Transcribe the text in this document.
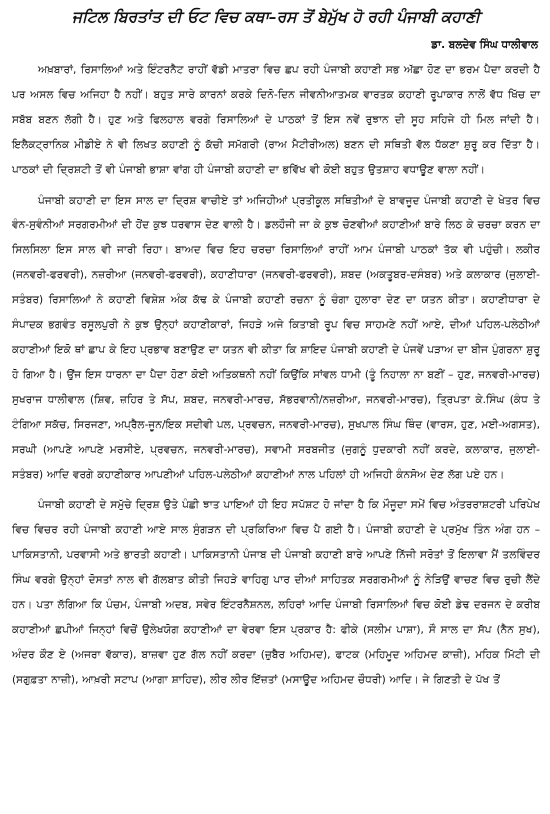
ਜਟਿਲ ਬਿਰਤਾਂਤ ਦੀ ਓਟ ਵਿਚ ਕਥਾ–ਰਸ ਤੋਂ ਬੇਮੁੱਖ ਹੋ ਰਹੀ ਪੰਜਾਬੀ ਕਹਾਣੀ
ਡਾ. ਬਲਦੇਵ ਸਿੰਘ ਧਾਲੀਵਾਲ

ਅਖ਼ਬਾਰਾਂ, ਰਿਸਾਲਿਆਂ ਅਤੇ ਇੰਟਰਨੈਟ ਰਾਹੀਂ ਵੱਡੀ ਮਾਤਰਾ ਵਿਚ ਛਪ ਰਹੀ ਪੰਜਾਬੀ ਕਹਾਣੀ ਸਭ ਅੱਛਾ ਹੋਣ ਦਾ ਭਰਮ ਪੈਦਾ ਕਰਦੀ ਹੈ ਪਰ ਅਸਲ ਵਿਚ ਅਜਿਹਾ ਹੈ ਨਹੀਂ। ਬਹੁਤ ਸਾਰੇ ਕਾਰਨਾਂ ਕਰਕੇ ਦਿਨੋ-ਦਿਨ ਜੀਵਨੀਆਤਮਕ ਵਾਰਤਕ ਕਹਾਣੀ ਰੂਪਾਕਾਰ ਨਾਲੋਂ ਵੱਧ ਖਿੱਚ ਦਾ ਸਬੱਬ ਬਣਨ ਲੱਗੀ ਹੈ। ਹੁਣ ਅਤੇ ਫਿਲਹਾਲ ਵਰਗੇ ਰਿਸਾਲਿਆਂ ਦੇ ਪਾਠਕਾਂ ਤੋਂ ਇਸ ਨਵੇਂ ਰੁਝਾਨ ਦੀ ਸੂਹ ਸਹਿਜੇ ਹੀ ਮਿਲ ਜਾਂਦੀ ਹੈ। ਇਲੈਕਟ੍ਰਾਨਿਕ ਮੀਡੀਏ ਨੇ ਵੀ ਲਿਖਤ ਕਹਾਣੀ ਨੂੰ ਕੱਚੀ ਸਮੱਗਰੀ (ਰਾਅ ਮੈਟੀਰੀਅਲ) ਬਣਨ ਦੀ ਸਥਿਤੀ ਵੱਲ ਧੱਕਣਾ ਸ਼ੁਰੂ ਕਰ ਦਿੱਤਾ ਹੈ। ਪਾਠਕਾਂ ਦੀ ਦ੍ਰਿਸ਼ਟੀ ਤੋਂ ਵੀ ਪੰਜਾਬੀ ਭਾਸ਼ਾ ਵਾਂਗ ਹੀ ਪੰਜਾਬੀ ਕਹਾਣੀ ਦਾ ਭਵਿੱਖ ਵੀ ਕੋਈ ਬਹੁਤ ਉਤਸ਼ਾਹ ਵਧਾਊਣ ਵਾਲਾ ਨਹੀਂ।

ਪੰਜਾਬੀ ਕਹਾਣੀ ਦਾ ਇਸ ਸਾਲ ਦਾ ਦ੍ਰਿਸ਼ ਵਾਚੀਏ ਤਾਂ ਅਜਿਹੀਆਂ ਪ੍ਰਤੀਕੂਲ ਸਥਿਤੀਆਂ ਦੇ ਬਾਵਜੂਦ ਪੰਜਾਬੀ ਕਹਾਣੀ ਦੇ ਖੇਤਰ ਵਿਚ ਵੰਨ-ਸੁਵੰਨੀਆਂ ਸਰਗਰਮੀਆਂ ਦੀ ਹੋਂਦ ਕੁਝ ਧਰਵਾਸ ਦੇਣ ਵਾਲੀ ਹੈ। ਡਲਹੌਜੀ ਜਾ ਕੇ ਕੁਝ ਚੋਣਵੀਆਂ ਕਹਾਣੀਆਂ ਬਾਰੇ ਲਿਠ ਕੇ ਚਰਚਾ ਕਰਨ ਦਾ ਸਿਲਸਿਲਾ ਇਸ ਸਾਲ ਵੀ ਜਾਰੀ ਰਿਹਾ। ਬਾਅਦ ਵਿਚ ਇਹ ਚਰਚਾ ਰਿਸਾਲਿਆਂ ਰਾਹੀਂ ਆਮ ਪੰਜਾਬੀ ਪਾਠਕਾਂ ਤੱਕ ਵੀ ਪਹੁੰਚੀ। ਲਕੀਰ (ਜਨਵਰੀ-ਫਰਵਰੀ), ਨਜ਼ਰੀਆ (ਜਨਵਰੀ-ਫਰਵਰੀ), ਕਹਾਣੀਧਾਰਾ (ਜਨਵਰੀ-ਫਰਵਰੀ), ਸ਼ਬਦ (ਅਕਤੂਬਰ-ਦਸੰਬਰ) ਅਤੇ ਕਲਾਕਾਰ (ਜੁਲਾਈ-ਸਤੰਬਰ) ਰਿਸਾਲਿਆਂ ਨੇ ਕਹਾਣੀ ਵਿਸ਼ੇਸ਼ ਅੰਕ ਕੱਢ ਕੇ ਪੰਜਾਬੀ ਕਹਾਣੀ ਰਚਨਾ ਨੂੰ ਚੰਗਾ ਹੁਲਾਰਾ ਦੇਣ ਦਾ ਯਤਨ ਕੀਤਾ। ਕਹਾਣੀਧਾਰਾ ਦੇ ਸੰਪਾਦਕ ਭਗਵੰਤ ਰਸੂਲਪੁਰੀ ਨੇ ਕੁਝ ਉਨ੍ਹਾਂ ਕਹਾਣੀਕਾਰਾਂ, ਜਿਹੜੇ ਅਜੇ ਕਿਤਾਬੀ ਰੂਪ ਵਿਚ ਸਾਹਮਣੇ ਨਹੀਂ ਆਏ, ਦੀਆਂ ਪਹਿਲ-ਪਲੇਠੀਆਂ ਕਹਾਣੀਆਂ ਇਕੋ ਥਾਂ ਛਾਪ ਕੇ ਇਹ ਪ੍ਰਭਾਵ ਬਣਾਉਣ ਦਾ ਯਤਨ ਵੀ ਕੀਤਾ ਕਿ ਸ਼ਾਇਦ ਪੰਜਾਬੀ ਕਹਾਣੀ ਦੇ ਪੰਜਵੇਂ ਪੜਾਅ ਦਾ ਬੀਜ ਪੁੰਗਰਨਾ ਸ਼ੁਰੂ ਹੋ ਗਿਆ ਹੈ। ਉਂਜ ਇਸ ਧਾਰਨਾ ਦਾ ਪੈਦਾ ਹੋਣਾ ਕੋਈ ਅਤਿਕਥਨੀ ਨਹੀਂ ਕਿਉਂਕਿ ਸਾਂਵਲ ਧਾਮੀ (ਤੂੰ ਨਿਹਾਲਾ ਨਾ ਬਣੀਂ – ਹੁਣ, ਜਨਵਰੀ-ਮਾਰਚ) ਸੁਖਰਾਜ ਧਾਲੀਵਾਲ (ਸ਼ਿਵ, ਜ਼ਹਿਰ ਤੇ ਸੱਪ, ਸ਼ਬਦ, ਜਨਵਰੀ-ਮਾਰਚ, ਸੱਭਰਵਾਨੀ/ਨਜ਼ਰੀਆ, ਜਨਵਰੀ-ਮਾਰਚ), ਤ੍ਰਿਪਤਾ ਕੇ.ਸਿੰਘ (ਕੰਧ ਤੇ ਟੰਗਿਆ ਸਕੱਚ, ਸਿਰਜਣਾ, ਅਪ੍ਰੈਲ-ਜੂਨ/ਇਕ ਸਦੀਵੀ ਪਲ, ਪ੍ਰਵਚਨ, ਜਨਵਰੀ-ਮਾਰਚ), ਸੁਖਪਾਲ ਸਿੰਘ ਥਿੰਦ (ਵਾਰਸ, ਹੁਣ, ਮਈ-ਅਗਸਤ), ਸਰਘੀ (ਆਪਣੇ ਆਪਣੇ ਮਰਸੀਏ, ਪ੍ਰਵਚਨ, ਜਨਵਰੀ-ਮਾਰਚ), ਸਵਾਮੀ ਸਰਬਜੀਤ (ਜੁਗਨੂੰ ਧੁਦਕਾਰੀ ਨਹੀਂ ਕਰਦੇ, ਕਲਾਕਾਰ, ਜੁਲਾਈ-ਸਤੰਬਰ) ਆਦਿ ਵਰਗੇ ਕਹਾਣੀਕਾਰ ਆਪਣੀਆਂ ਪਹਿਲ-ਪਲੇਠੀਆਂ ਕਹਾਣੀਆਂ ਨਾਲ ਪਹਿਲਾਂ ਹੀ ਅਜਿਹੀ ਕੰਨਸੋਅ ਦੇਣ ਲੱਗ ਪਏ ਹਨ।

ਪੰਜਾਬੀ ਕਹਾਣੀ ਦੇ ਸਮੁੱਚੇ ਦ੍ਰਿਸ਼ ਉਤੇ ਪੰਛੀ ਝਾਤ ਪਾਇਆਂ ਹੀ ਇਹ ਸਪੱਸ਼ਟ ਹੋ ਜਾਂਦਾ ਹੈ ਕਿ ਮੌਜੂਦਾ ਸਮੇਂ ਵਿਚ ਅੰਤਰਰਾਸ਼ਟਰੀ ਪਰਿਪੇਖ ਵਿਚ ਵਿਚਰ ਰਹੀ ਪੰਜਾਬੀ ਕਹਾਣੀ ਆਏ ਸਾਲ ਸੁੰਗੜਨ ਦੀ ਪ੍ਰਕਿਰਿਆ ਵਿਚ ਪੈ ਗਈ ਹੈ। ਪੰਜਾਬੀ ਕਹਾਣੀ ਦੇ ਪ੍ਰਮੁੱਖ ਤਿੰਨ ਅੰਗ ਹਨ – ਪਾਕਿਸਤਾਨੀ, ਪਰਵਾਸੀ ਅਤੇ ਭਾਰਤੀ ਕਹਾਣੀ। ਪਾਕਿਸਤਾਨੀ ਪੰਜਾਬ ਦੀ ਪੰਜਾਬੀ ਕਹਾਣੀ ਬਾਰੇ ਆਪਣੇ ਨਿੱਜੀ ਸਰੋਤਾਂ ਤੋਂ ਇਲਾਵਾ ਮੈਂ ਤਲਵਿੰਦਰ ਸਿੰਘ ਵਰਗੇ ਉਨ੍ਹਾਂ ਦੋਸਤਾਂ ਨਾਲ ਵੀ ਗੱਲਬਾਤ ਕੀਤੀ ਜਿਹੜੇ ਵਾਹਿਗੁ ਪਾਰ ਦੀਆਂ ਸਾਹਿਤਕ ਸਰਗਰਮੀਆਂ ਨੂੰ ਨੇੜਿਉਂ ਵਾਚਣ ਵਿਚ ਰੁਚੀ ਲੈਂਦੇ ਹਨ। ਪਤਾ ਲੱਗਿਆ ਕਿ ਪੰਚਮ, ਪੰਜਾਬੀ ਅਦਬ, ਸਵੇਰ ਇੰਟਰਨੈਸ਼ਨਲ, ਲਹਿਰਾਂ ਆਦਿ ਪੰਜਾਬੀ ਰਿਸਾਲਿਆਂ ਵਿਚ ਕੋਈ ਡੇਢ ਦਰਜਨ ਦੇ ਕਰੀਬ ਕਹਾਣੀਆਂ ਛਪੀਆਂ ਜਿਨ੍ਹਾਂ ਵਿਚੋਂ ਉਲੇਖਯੋਗ ਕਹਾਣੀਆਂ ਦਾ ਵੇਰਵਾ ਇਸ ਪ੍ਰਕਾਰ ਹੈ: ਫੀਕੇ (ਸਲੀਮ ਪਾਸ਼ਾ), ਸੌ ਸਾਲ ਦਾ ਸੱਪ (ਨੈਨ ਸੁਖ), ਅੰਦਰ ਕੌਣ ਏ (ਅਜਰਾ ਵੱਕਾਰ), ਬਾਜ਼ਵਾ ਹੁਣ ਗੱਲ ਨਹੀਂ ਕਰਦਾ (ਜ਼ੁਬੈਰ ਅਹਿਮਦ), ਫਾਟਕ (ਮਹਿਮੂਦ ਅਹਿਮਦ ਕਾਜ਼ੀ), ਮਹਿਕ ਮਿੱਟੀ ਦੀ (ਸਗੁਫ਼ਤਾ ਨਾਜ਼ੀ), ਆਖ਼ਰੀ ਸਟਾਪ (ਆਗਾ ਸ਼ਾਹਿਦ), ਲੀਰ ਲੀਰ ਇੱਜ਼ਤਾਂ (ਮਸਾਊਦ ਅਹਿਮਦ ਚੌਧਰੀ) ਆਦਿ। ਜੇ ਗਿਣਤੀ ਦੇ ਪੱਖ ਤੋਂ
